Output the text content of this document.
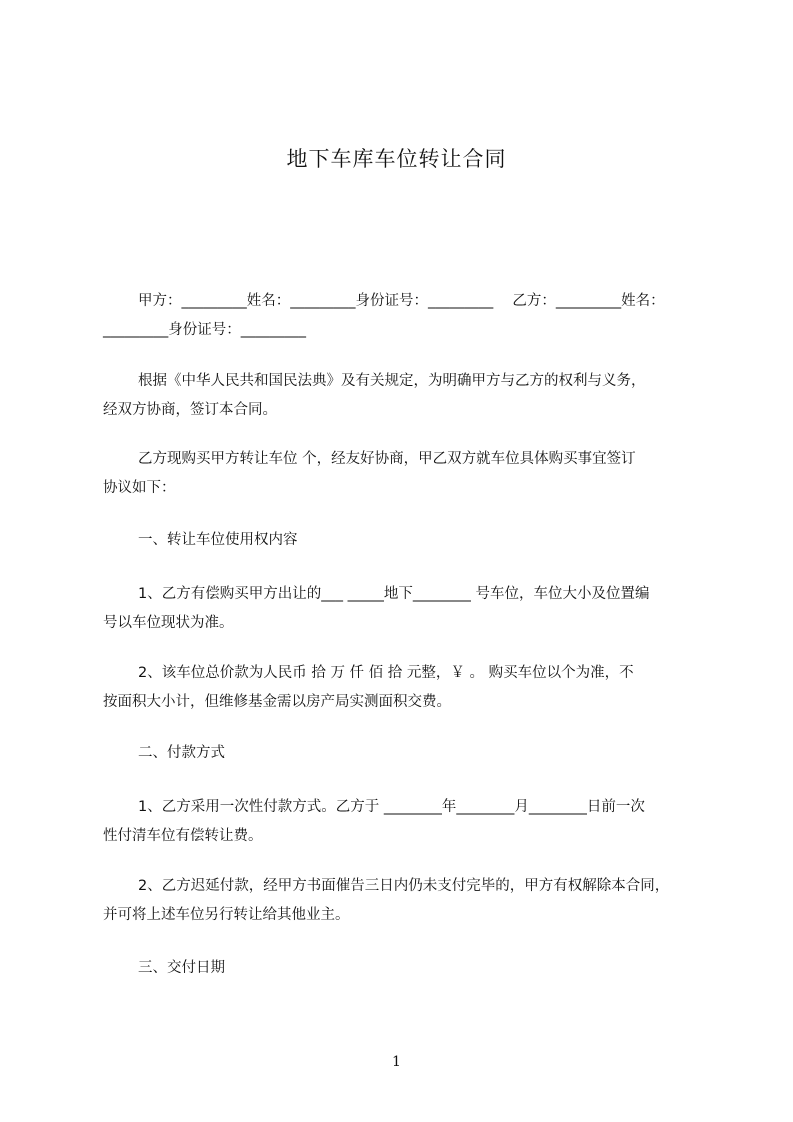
地下车库车位转让合同
甲方：_________姓名：_________身份证号：_________　 乙方：_________姓名：
_________身份证号：_________
根据《中华人民共和国民法典》及有关规定，为明确甲方与乙方的权利与义务，
经双方协商，签订本合同。
乙方现购买甲方转让车位 个，经友好协商，甲乙双方就车位具体购买事宜签订
协议如下：
一、转让车位使用权内容
1、乙方有偿购买甲方出让的___ _____地下________ 号车位，车位大小及位置编
号以车位现状为准。
2、该车位总价款为人民币 拾 万 仟 佰 拾 元整，￥ 。 购买车位以个为准，不
按面积大小计，但维修基金需以房产局实测面积交费。
二、付款方式
1、乙方采用一次性付款方式。乙方于 ________年________月________日前一次
性付清车位有偿转让费。
2、乙方迟延付款，经甲方书面催告三日内仍未支付完毕的，甲方有权解除本合同，
并可将上述车位另行转让给其他业主。
三、交付日期
1
